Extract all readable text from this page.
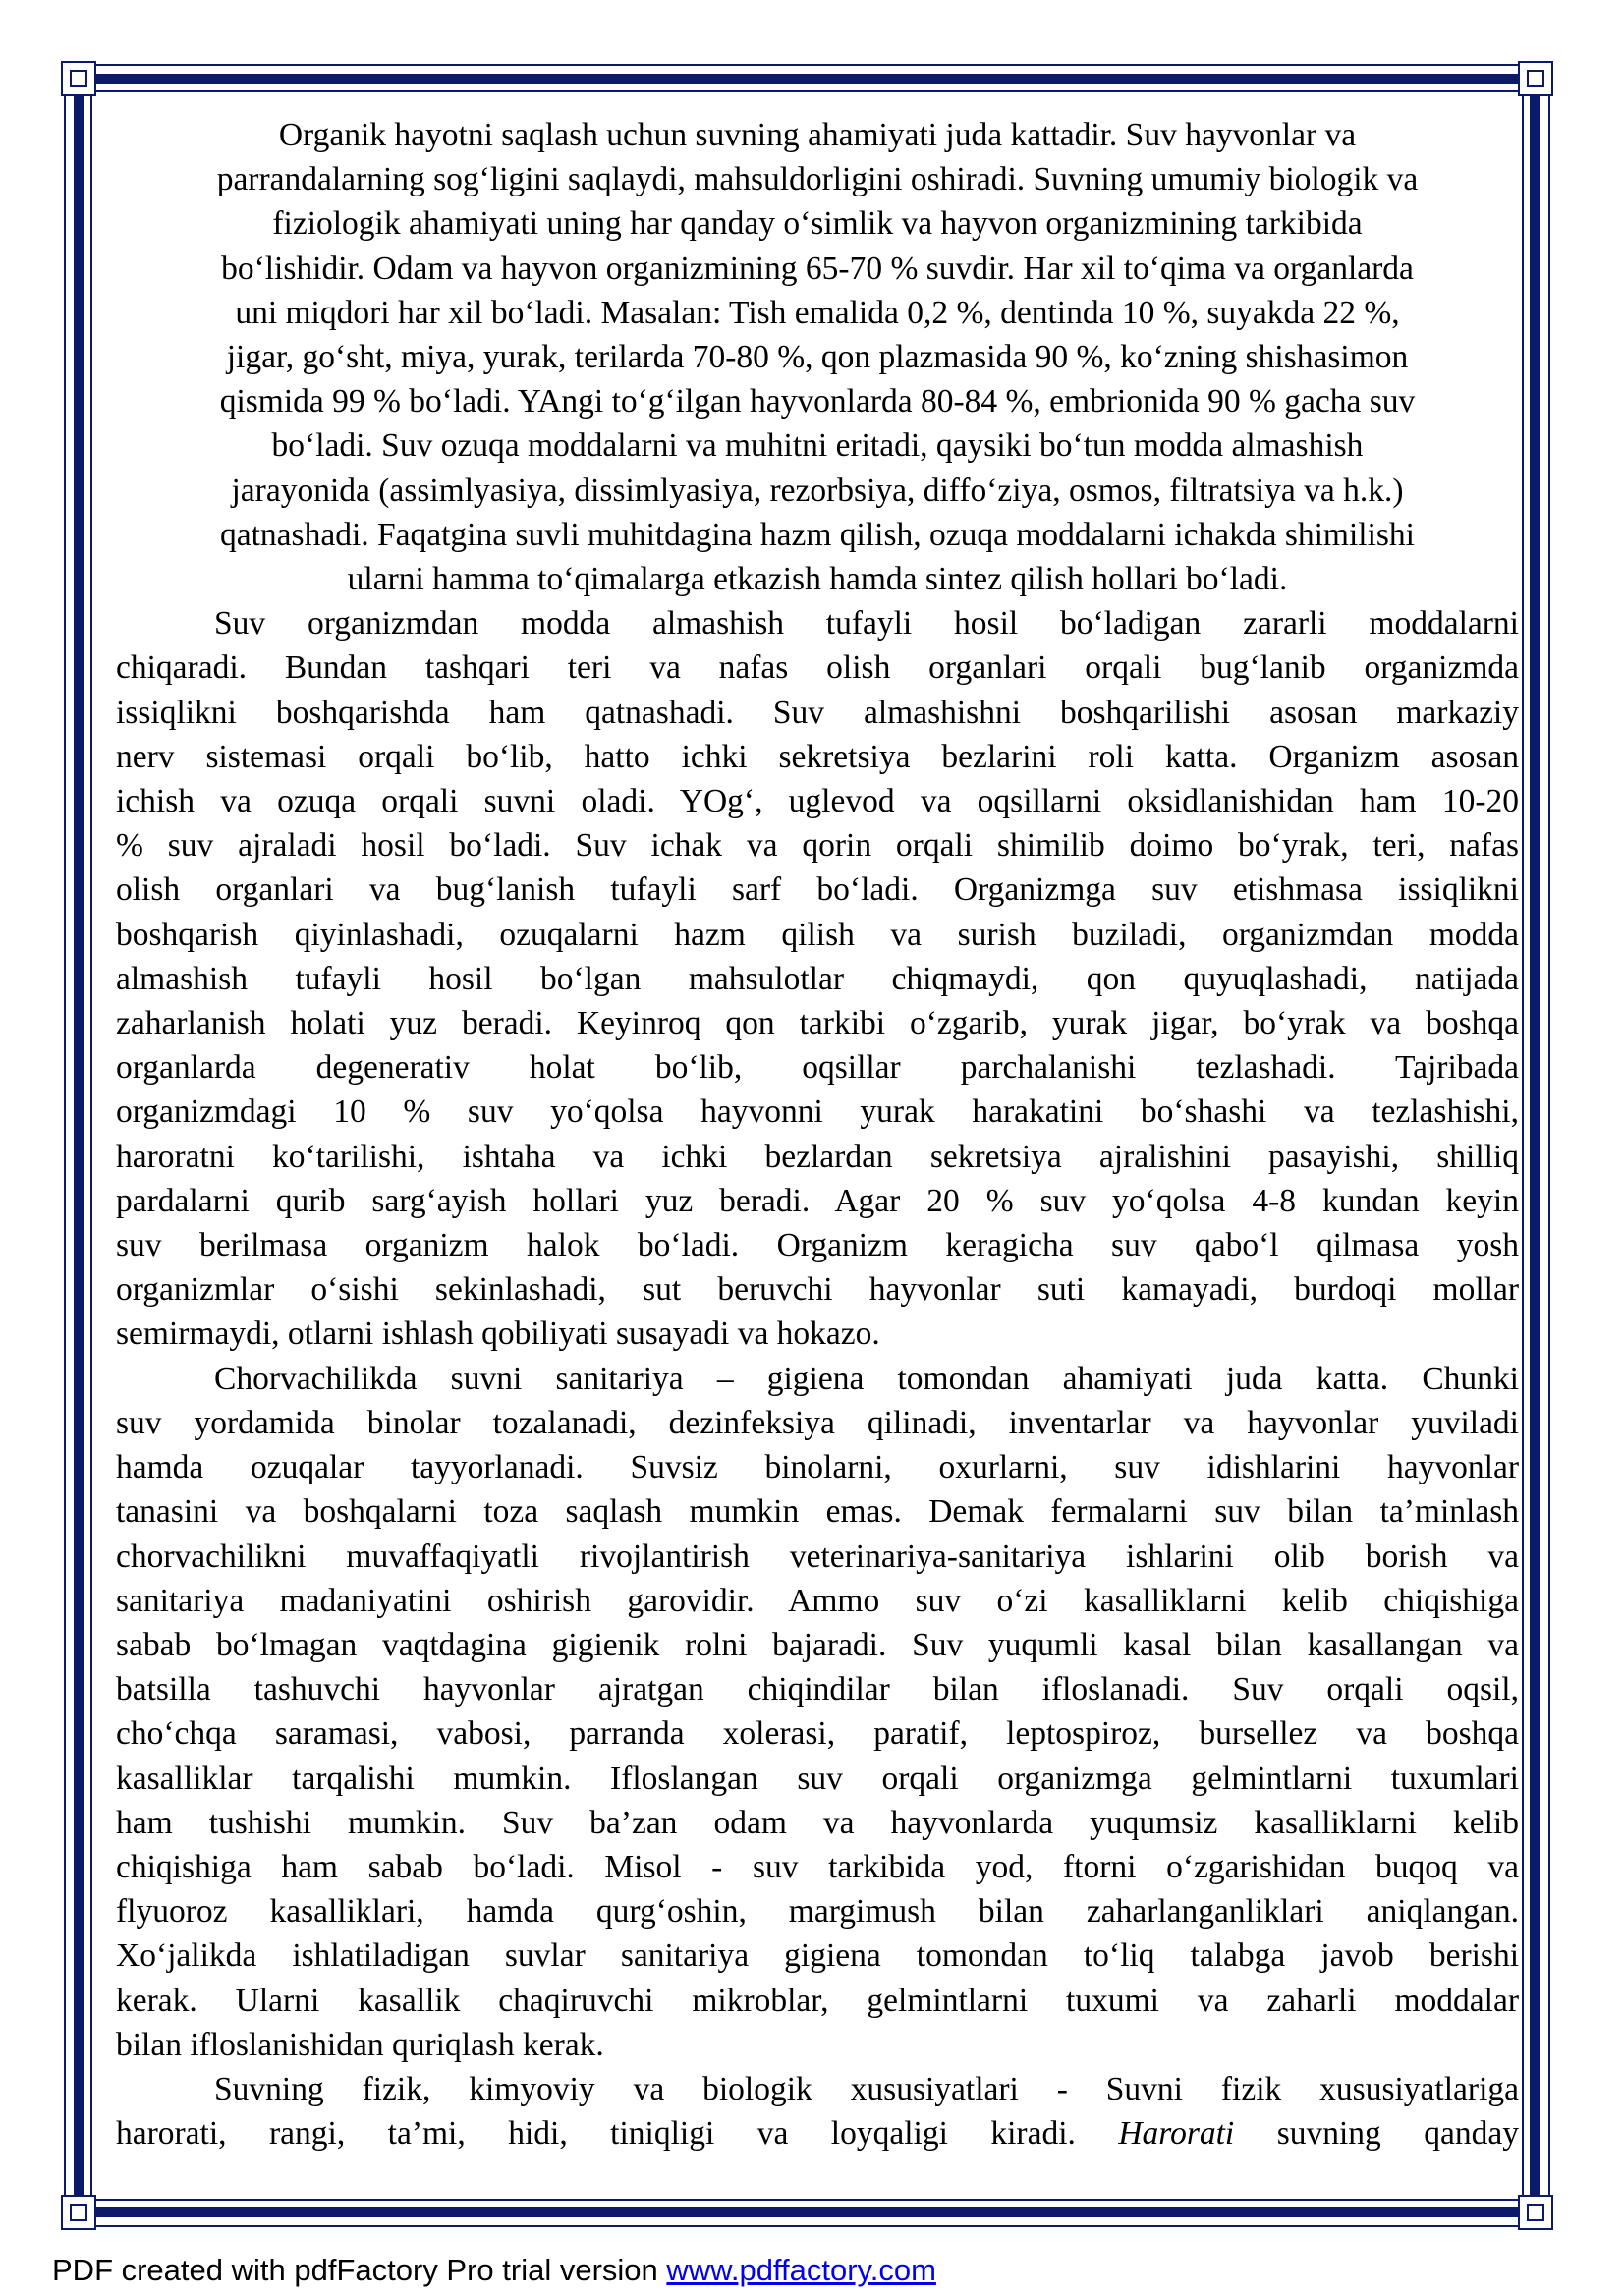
Organik hayotni saqlash uchun suvning ahamiyati juda kattadir. Suv hayvonlar va

parrandalarning sog‘ligini saqlaydi, mahsuldorligini oshiradi. Suvning umumiy biologik va

fiziologik ahamiyati uning har qanday o‘simlik va hayvon organizmining tarkibida

bo‘lishidir. Odam va hayvon organizmining 65-70 % suvdir. Har xil to‘qima va organlarda

uni miqdori har xil bo‘ladi. Masalan: Tish emalida 0,2 %, dentinda 10 %, suyakda 22 %,

jigar, go‘sht, miya, yurak, terilarda 70-80 %, qon plazmasida 90 %, ko‘zning shishasimon

qismida 99 % bo‘ladi. YAngi to‘g‘ilgan hayvonlarda 80-84 %, embrionida 90 % gacha suv

bo‘ladi. Suv ozuqa moddalarni va muhitni eritadi, qaysiki bo‘tun modda almashish

jarayonida (assimlyasiya, dissimlyasiya, rezorbsiya, diffo‘ziya, osmos, filtratsiya va h.k.)

qatnashadi. Faqatgina suvli muhitdagina hazm qilish, ozuqa moddalarni ichakda shimilishi

ularni hamma to‘qimalarga etkazish hamda sintez qilish hollari bo‘ladi.

Suv organizmdan modda almashish tufayli hosil bo‘ladigan zararli moddalarni

chiqaradi. Bundan tashqari teri va nafas olish organlari orqali bug‘lanib organizmda

issiqlikni boshqarishda ham qatnashadi. Suv almashishni boshqarilishi asosan markaziy

nerv sistemasi orqali bo‘lib, hatto ichki sekretsiya bezlarini roli katta. Organizm asosan

ichish va ozuqa orqali suvni oladi. YOg‘, uglevod va oqsillarni oksidlanishidan ham 10-20

% suv ajraladi hosil bo‘ladi. Suv ichak va qorin orqali shimilib doimo bo‘yrak, teri, nafas

olish organlari va bug‘lanish tufayli sarf bo‘ladi. Organizmga suv etishmasa issiqlikni

boshqarish qiyinlashadi, ozuqalarni hazm qilish va surish buziladi, organizmdan modda

almashish tufayli hosil bo‘lgan mahsulotlar chiqmaydi, qon quyuqlashadi, natijada

zaharlanish holati yuz beradi. Keyinroq qon tarkibi o‘zgarib, yurak jigar, bo‘yrak va boshqa

organlarda degenerativ holat bo‘lib, oqsillar parchalanishi tezlashadi. Tajribada

organizmdagi 10 % suv yo‘qolsa hayvonni yurak harakatini bo‘shashi va tezlashishi,

haroratni ko‘tarilishi, ishtaha va ichki bezlardan sekretsiya ajralishini pasayishi, shilliq

pardalarni qurib sarg‘ayish hollari yuz beradi. Agar 20 % suv yo‘qolsa 4-8 kundan keyin

suv berilmasa organizm halok bo‘ladi. Organizm keragicha suv qabo‘l qilmasa yosh

organizmlar o‘sishi sekinlashadi, sut beruvchi hayvonlar suti kamayadi, burdoqi mollar

semirmaydi, otlarni ishlash qobiliyati susayadi va hokazo.

Chorvachilikda suvni sanitariya – gigiena tomondan ahamiyati juda katta. Chunki

suv yordamida binolar tozalanadi, dezinfeksiya qilinadi, inventarlar va hayvonlar yuviladi

hamda ozuqalar tayyorlanadi. Suvsiz binolarni, oxurlarni, suv idishlarini hayvonlar

tanasini va boshqalarni toza saqlash mumkin emas. Demak fermalarni suv bilan ta’minlash

chorvachilikni muvaffaqiyatli rivojlantirish veterinariya-sanitariya ishlarini olib borish va

sanitariya madaniyatini oshirish garovidir. Ammo suv o‘zi kasalliklarni kelib chiqishiga

sabab bo‘lmagan vaqtdagina gigienik rolni bajaradi. Suv yuqumli kasal bilan kasallangan va

batsilla tashuvchi hayvonlar ajratgan chiqindilar bilan ifloslanadi. Suv orqali oqsil,

cho‘chqa saramasi, vabosi, parranda xolerasi, paratif, leptospiroz, bursellez va boshqa

kasalliklar tarqalishi mumkin. Ifloslangan suv orqali organizmga gelmintlarni tuxumlari

ham tushishi mumkin. Suv ba’zan odam va hayvonlarda yuqumsiz kasalliklarni kelib

chiqishiga ham sabab bo‘ladi. Misol - suv tarkibida yod, ftorni o‘zgarishidan buqoq va

flyuoroz kasalliklari, hamda qurg‘oshin, margimush bilan zaharlanganliklari aniqlangan.

Xo‘jalikda ishlatiladigan suvlar sanitariya gigiena tomondan to‘liq talabga javob berishi

kerak. Ularni kasallik chaqiruvchi mikroblar, gelmintlarni tuxumi va zaharli moddalar

bilan ifloslanishidan quriqlash kerak.

Suvning fizik, kimyoviy va biologik xususiyatlari - Suvni fizik xususiyatlariga

harorati, rangi, ta’mi, hidi, tiniqligi va loyqaligi kiradi. Harorati suvning qanday

PDF created with pdfFactory Pro trial version www.pdffactory.com
